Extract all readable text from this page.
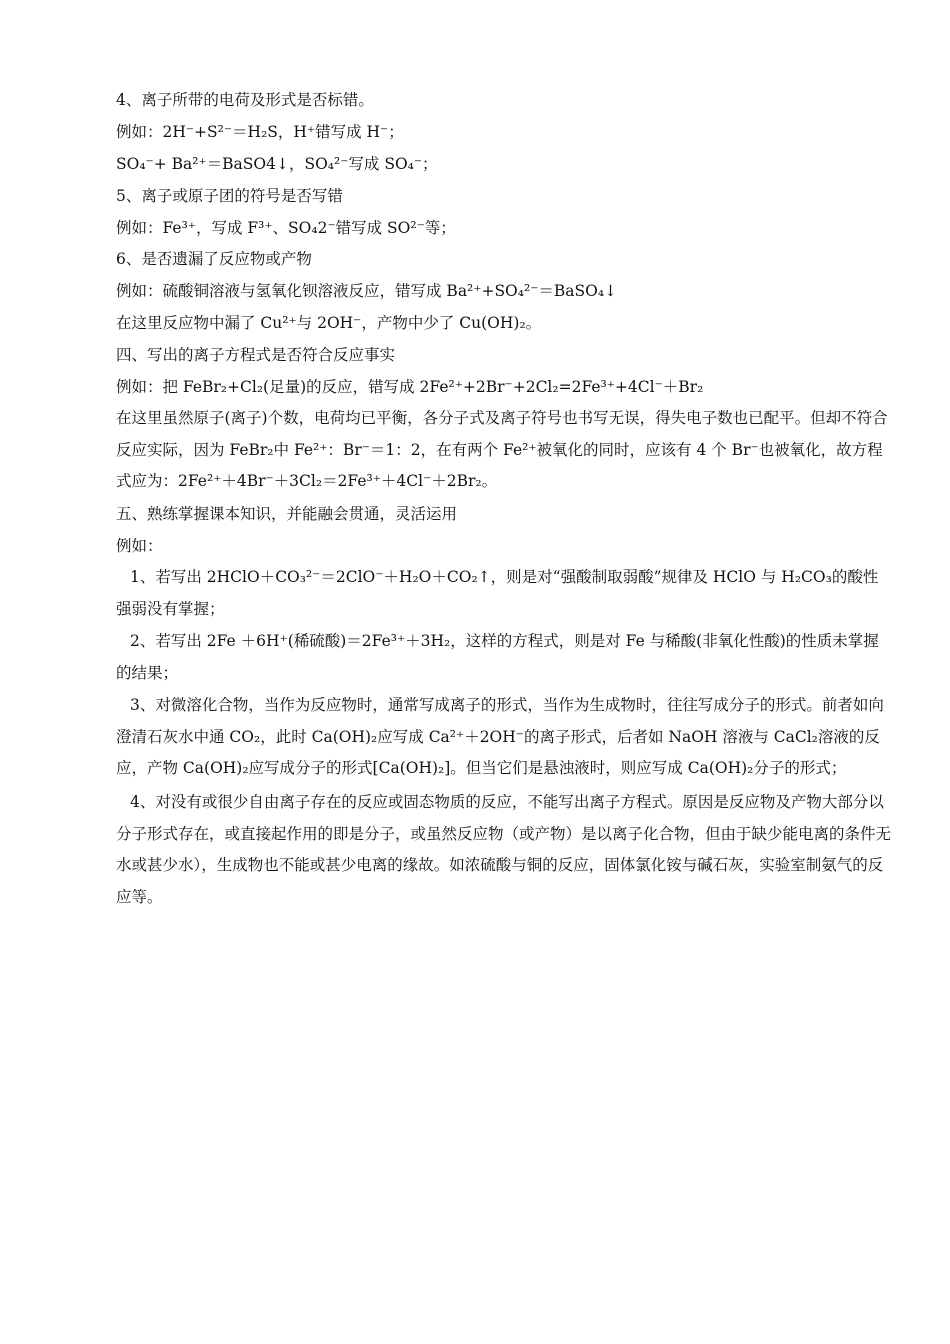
4、离子所带的电荷及形式是否标错。
例如：2H⁻+S²⁻＝H₂S，H⁺错写成 H⁻；
SO₄⁻+ Ba²⁺＝BaSO4↓，SO₄²⁻写成 SO₄⁻；
5、离子或原子团的符号是否写错
例如：Fe³⁺，写成 F³⁺、SO₄2⁻错写成 SO²⁻等；
6、是否遗漏了反应物或产物
例如：硫酸铜溶液与氢氧化钡溶液反应，错写成 Ba²⁺+SO₄²⁻＝BaSO₄↓
在这里反应物中漏了 Cu²⁺与 2OH⁻，产物中少了 Cu(OH)₂。
四、写出的离子方程式是否符合反应事实
例如：把 FeBr₂+Cl₂(足量)的反应，错写成 2Fe²⁺+2Br⁻+2Cl₂=2Fe³⁺+4Cl⁻＋Br₂
在这里虽然原子(离子)个数，电荷均已平衡，各分子式及离子符号也书写无误，得失电子数也已配平。但却不符合反应实际，因为 FeBr₂中 Fe²⁺：Br⁻＝1：2，在有两个 Fe²⁺被氧化的同时，应该有 4 个 Br⁻也被氧化，故方程式应为：2Fe²⁺＋4Br⁻＋3Cl₂＝2Fe³⁺＋4Cl⁻＋2Br₂。
五、熟练掌握课本知识，并能融会贯通，灵活运用
例如：
1、若写出 2HClO＋CO₃²⁻＝2ClO⁻＋H₂O＋CO₂↑，则是对“强酸制取弱酸”规律及 HClO 与 H₂CO₃的酸性强弱没有掌握；
2、若写出 2Fe ＋6H⁺(稀硫酸)＝2Fe³⁺＋3H₂，这样的方程式，则是对 Fe 与稀酸(非氧化性酸)的性质未掌握的结果；
3、对微溶化合物，当作为反应物时，通常写成离子的形式，当作为生成物时，往往写成分子的形式。前者如向澄清石灰水中通 CO₂，此时 Ca(OH)₂应写成 Ca²⁺＋2OH⁻的离子形式，后者如 NaOH 溶液与 CaCl₂溶液的反应，产物 Ca(OH)₂应写成分子的形式[Ca(OH)₂]。但当它们是悬浊液时，则应写成 Ca(OH)₂分子的形式；
4、对没有或很少自由离子存在的反应或固态物质的反应，不能写出离子方程式。原因是反应物及产物大部分以分子形式存在，或直接起作用的即是分子，或虽然反应物（或产物）是以离子化合物，但由于缺少能电离的条件无水或甚少水），生成物也不能或甚少电离的缘故。如浓硫酸与铜的反应，固体氯化铵与碱石灰，实验室制氨气的反应等。
